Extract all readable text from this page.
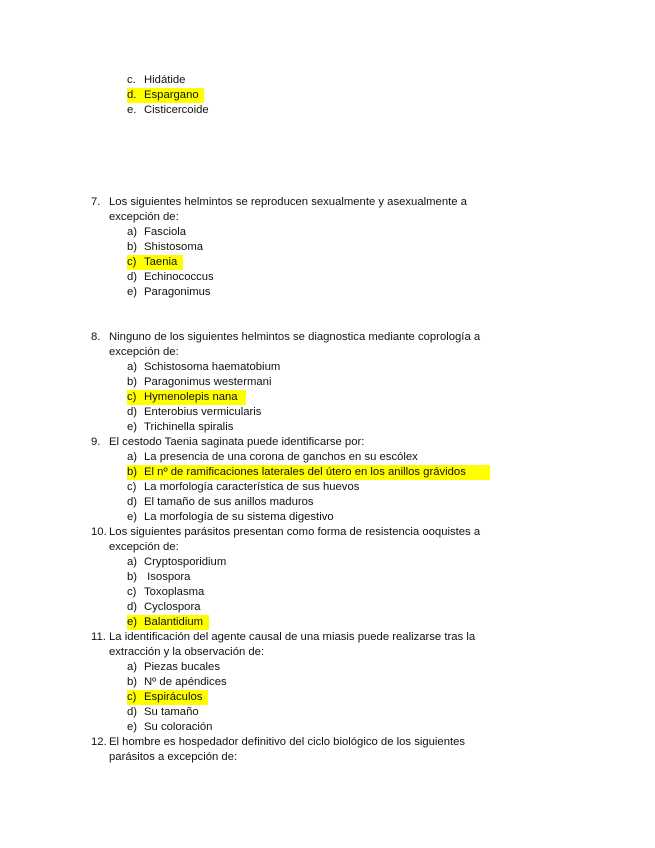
c. Hidátide
d. Espargano
e. Cisticercoide
7. Los siguientes helmintos se reproducen sexualmente y asexualmente a
excepción de:
a) Fasciola
b) Shistosoma
c) Taenia
d) Echinococcus
e) Paragonimus
8. Ninguno de los siguientes helmintos se diagnostica mediante coprología a
excepción de:
a) Schistosoma haematobium
b) Paragonimus westermani
c) Hymenolepis nana
d) Enterobius vermicularis
e) Trichinella spiralis
9. El cestodo Taenia saginata puede identificarse por:
a) La presencia de una corona de ganchos en su escólex
b) El nº de ramificaciones laterales del útero en los anillos grávidos
c) La morfología característica de sus huevos
d) El tamaño de sus anillos maduros
e) La morfología de su sistema digestivo
10. Los siguientes parásitos presentan como forma de resistencia ooquistes a
excepción de:
a) Cryptosporidium
b) Isospora
c) Toxoplasma
d) Cyclospora
e) Balantidium
11. La identificación del agente causal de una miasis puede realizarse tras la
extracción y la observación de:
a) Piezas bucales
b) Nº de apéndices
c) Espiráculos
d) Su tamaño
e) Su coloración
12. El hombre es hospedador definitivo del ciclo biológico de los siguientes
parásitos a excepción de:
